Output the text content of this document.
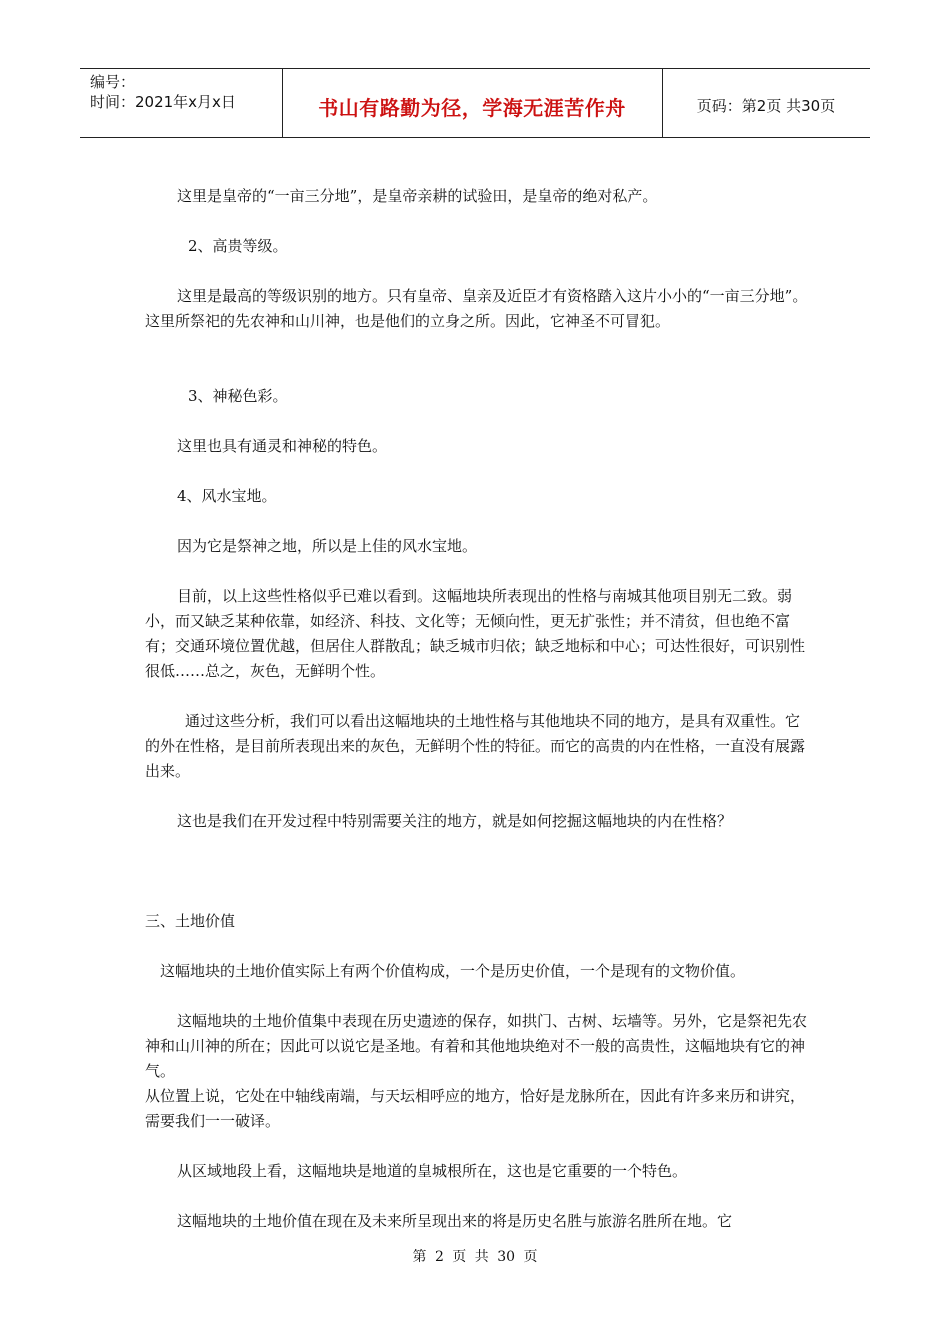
编号：
时间：2021年x月x日	书山有路勤为径，学海无涯苦作舟	页码：第2页 共30页
这里是皇帝的“一亩三分地”，是皇帝亲耕的试验田，是皇帝的绝对私产。
2、高贵等级。
这里是最高的等级识别的地方。只有皇帝、皇亲及近臣才有资格踏入这片小小的“一亩三分地”。这里所祭祀的先农神和山川神，也是他们的立身之所。因此，它神圣不可冒犯。
3、神秘色彩。
这里也具有通灵和神秘的特色。
4、风水宝地。
因为它是祭神之地，所以是上佳的风水宝地。
目前，以上这些性格似乎已难以看到。这幅地块所表现出的性格与南城其他项目别无二致。弱小，而又缺乏某种依靠，如经济、科技、文化等；无倾向性，更无扩张性；并不清贫，但也绝不富有；交通环境位置优越，但居住人群散乱；缺乏城市归依；缺乏地标和中心；可达性很好，可识别性很低……总之，灰色，无鲜明个性。
通过这些分析，我们可以看出这幅地块的土地性格与其他地块不同的地方，是具有双重性。它的外在性格，是目前所表现出来的灰色，无鲜明个性的特征。而它的高贵的内在性格，一直没有展露出来。
这也是我们在开发过程中特别需要关注的地方，就是如何挖掘这幅地块的内在性格？
三、土地价值
这幅地块的土地价值实际上有两个价值构成，一个是历史价值，一个是现有的文物价值。
这幅地块的土地价值集中表现在历史遗迹的保存，如拱门、古树、坛墙等。另外，它是祭祀先农神和山川神的所在；因此可以说它是圣地。有着和其他地块绝对不一般的高贵性，这幅地块有它的神气。
从位置上说，它处在中轴线南端，与天坛相呼应的地方，恰好是龙脉所在，因此有许多来历和讲究，需要我们一一破译。
从区域地段上看，这幅地块是地道的皇城根所在，这也是它重要的一个特色。
这幅地块的土地价值在现在及未来所呈现出来的将是历史名胜与旅游名胜所在地。它
第 2 页 共 30 页
